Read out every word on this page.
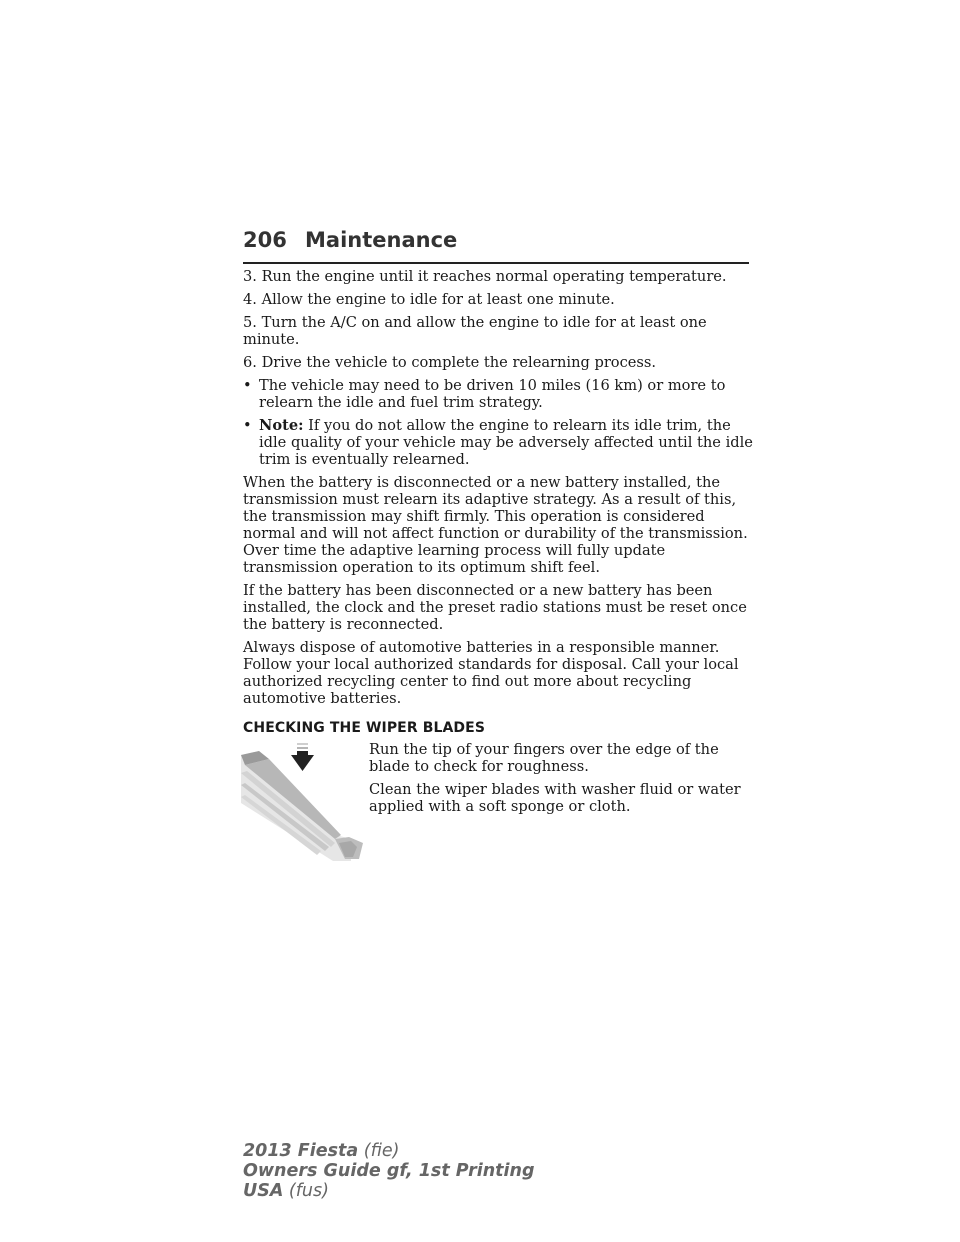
206 Maintenance

3. Run the engine until it reaches normal operating temperature.

4. Allow the engine to idle for at least one minute.

5. Turn the A/C on and allow the engine to idle for at least one minute.

6. Drive the vehicle to complete the relearning process.

• The vehicle may need to be driven 10 miles (16 km) or more to relearn the idle and fuel trim strategy.
• Note: If you do not allow the engine to relearn its idle trim, the idle quality of your vehicle may be adversely affected until the idle trim is eventually relearned.

When the battery is disconnected or a new battery installed, the transmission must relearn its adaptive strategy. As a result of this, the transmission may shift firmly. This operation is considered normal and will not affect function or durability of the transmission. Over time the adaptive learning process will fully update transmission operation to its optimum shift feel.

If the battery has been disconnected or a new battery has been installed, the clock and the preset radio stations must be reset once the battery is reconnected.

Always dispose of automotive batteries in a responsible manner. Follow your local authorized standards for disposal. Call your local authorized recycling center to find out more about recycling automotive batteries.

CHECKING THE WIPER BLADES

Run the tip of your fingers over the edge of the blade to check for roughness.

Clean the wiper blades with washer fluid or water applied with a soft sponge or cloth.

2013 Fiesta (fie)
Owners Guide gf, 1st Printing
USA (fus)
